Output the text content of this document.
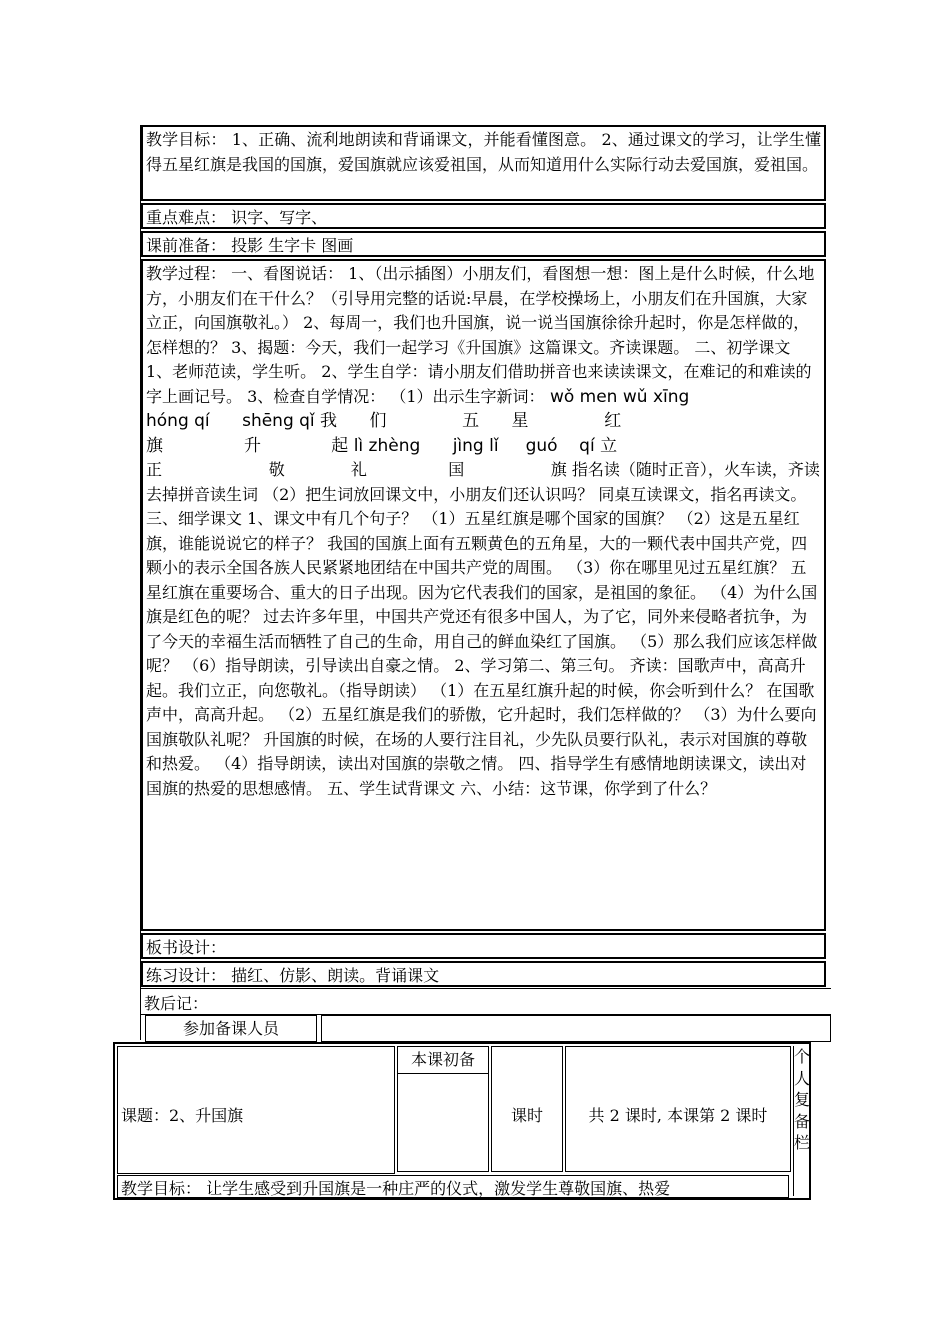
教学目标： 1、正确、流利地朗读和背诵课文，并能看懂图意。 2、通过课文的学习，让学生懂得五星红旗是我国的国旗，爱国旗就应该爱祖国，从而知道用什么实际行动去爱国旗，爱祖国。
重点难点： 识字、写字、
课前准备： 投影 生字卡 图画
教学过程： 一、看图说话： 1、（出示插图）小朋友们，看图想一想：图上是什么时候，什么地方，小朋友们在干什么？（引导用完整的话说:早晨，在学校操场上，小朋友们在升国旗，大家立正，向国旗敬礼。） 2、每周一，我们也升国旗，说一说当国旗徐徐升起时，你是怎样做的，怎样想的？ 3、揭题：今天，我们一起学习《升国旗》这篇课文。齐读课题。 二、初学课文 1、老师范读，学生听。 2、学生自学：请小朋友们借助拼音也来读读课文，在难记的和难读的字上画记号。 3、检查自学情况： （1）出示生字新词： wǒ men wǔ xīng
hóng qí      shēng qǐ 我      们              五      星              红
旗               升             起 lì zhèng      jìng lǐ     guó    qí 立
正                     敬             礼                国                 旗 指名读（随时正音），火车读，齐读 去掉拼音读生词 （2）把生词放回课文中，小朋友们还认识吗？ 同桌互读课文，指名再读文。 三、细学课文 1、课文中有几个句子？ （1）五星红旗是哪个国家的国旗？ （2）这是五星红旗，谁能说说它的样子？ 我国的国旗上面有五颗黄色的五角星，大的一颗代表中国共产党，四颗小的表示全国各族人民紧紧地团结在中国共产党的周围。 （3）你在哪里见过五星红旗？ 五星红旗在重要场合、重大的日子出现。因为它代表我们的国家，是祖国的象征。 （4）为什么国旗是红色的呢？ 过去许多年里，中国共产党还有很多中国人，为了它，同外来侵略者抗争，为了今天的幸福生活而牺牲了自己的生命，用自己的鲜血染红了国旗。 （5）那么我们应该怎样做呢？ （6）指导朗读，引导读出自豪之情。 2、学习第二、第三句。 齐读：国歌声中，高高升起。我们立正，向您敬礼。（指导朗读） （1）在五星红旗升起的时候，你会听到什么？ 在国歌声中，高高升起。 （2）五星红旗是我们的骄傲，它升起时，我们怎样做的？ （3）为什么要向国旗敬队礼呢？ 升国旗的时候，在场的人要行注目礼，少先队员要行队礼，表示对国旗的尊敬和热爱。 （4）指导朗读，读出对国旗的崇敬之情。 四、指导学生有感情地朗读课文，读出对国旗的热爱的思想感情。 五、学生试背课文 六、小结：这节课，你学到了什么？
板书设计：
练习设计： 描红、仿影、朗读。背诵课文
教后记：
参加备课人员
课题：2、升国旗
本课初备
课时	共 2 课时, 本课第 2 课时
个人复备栏
教学目标： 让学生感受到升国旗是一种庄严的仪式，激发学生尊敬国旗、热爱
